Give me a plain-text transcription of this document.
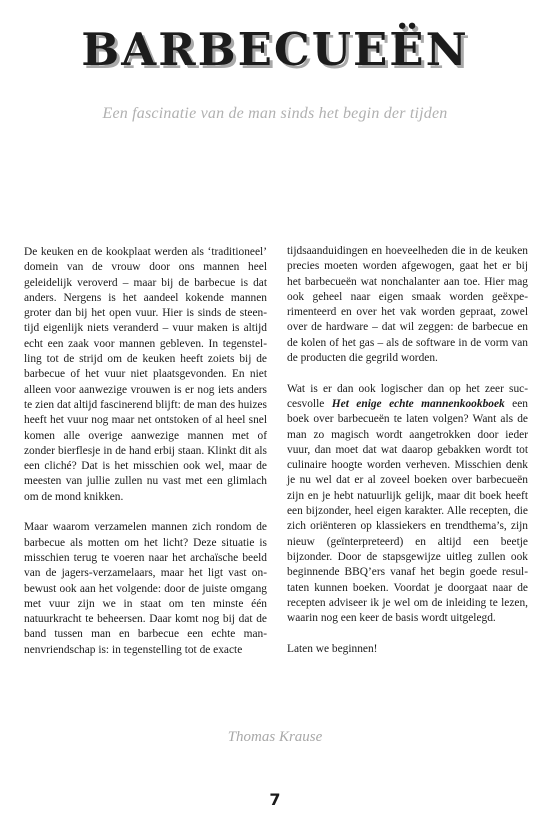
BARBECUEËN
Een fascinatie van de man sinds het begin der tijden

De keuken en de kookplaat werden als ‘traditioneel’ domein van de vrouw door ons mannen heel geleidelijk veroverd – maar bij de barbecue is dat anders. Nergens is het aandeel kokende mannen groter dan bij het open vuur. Hier is sinds de steentijd eigenlijk niets veranderd – vuur maken is altijd echt een zaak voor mannen gebleven. In tegenstelling tot de strijd om de keuken heeft zoiets bij de barbecue of het vuur niet plaatsgevonden. En niet alleen voor aanwezige vrouwen is er nog iets anders te zien dat altijd fascinerend blijft: de man des huizes heeft het vuur nog maar net ontstoken of al heel snel komen alle overige aanwezige mannen met of zonder bierflesje in de hand erbij staan. Klinkt dit als een cliché? Dat is het misschien ook wel, maar de meesten van jullie zullen nu vast met een glimlach om de mond knikken.

Maar waarom verzamelen mannen zich rondom de barbecue als motten om het licht? Deze situatie is misschien terug te voeren naar het archaïsche beeld van de jagers-verzamelaars, maar het ligt vast onbewust ook aan het volgende: door de juiste omgang met vuur zijn we in staat om ten minste één natuurkracht te beheersen. Daar komt nog bij dat de band tussen man en barbecue een echte mannenvriendschap is: in tegenstelling tot de exacte

tijdsaanduidingen en hoeveelheden die in de keuken precies moeten worden afgewogen, gaat het er bij het barbecueën wat nonchalanter aan toe. Hier mag ook geheel naar eigen smaak worden geëxperimenteerd en over het vak worden gepraat, zowel over de hardware – dat wil zeggen: de barbecue en de kolen of het gas – als de software in de vorm van de producten die gegrild worden.

Wat is er dan ook logischer dan op het zeer succesvolle Het enige echte mannenkookboek een boek over barbecueën te laten volgen? Want als de man zo magisch wordt aangetrokken door ieder vuur, dan moet dat wat daarop gebakken wordt tot culinaire hoogte worden verheven. Misschien denk je nu wel dat er al zoveel boeken over barbecueën zijn en je hebt natuurlijk gelijk, maar dit boek heeft een bijzonder, heel eigen karakter. Alle recepten, die zich oriënteren op klassiekers en trendthema’s, zijn nieuw (geïnterpreteerd) en altijd een beetje bijzonder. Door de stapsgewijze uitleg zullen ook beginnende BBQ’ers vanaf het begin goede resultaten kunnen boeken. Voordat je doorgaat naar de recepten adviseer ik je wel om de inleiding te lezen, waarin nog een keer de basis wordt uitgelegd.

Laten we beginnen!

Thomas Krause
7
